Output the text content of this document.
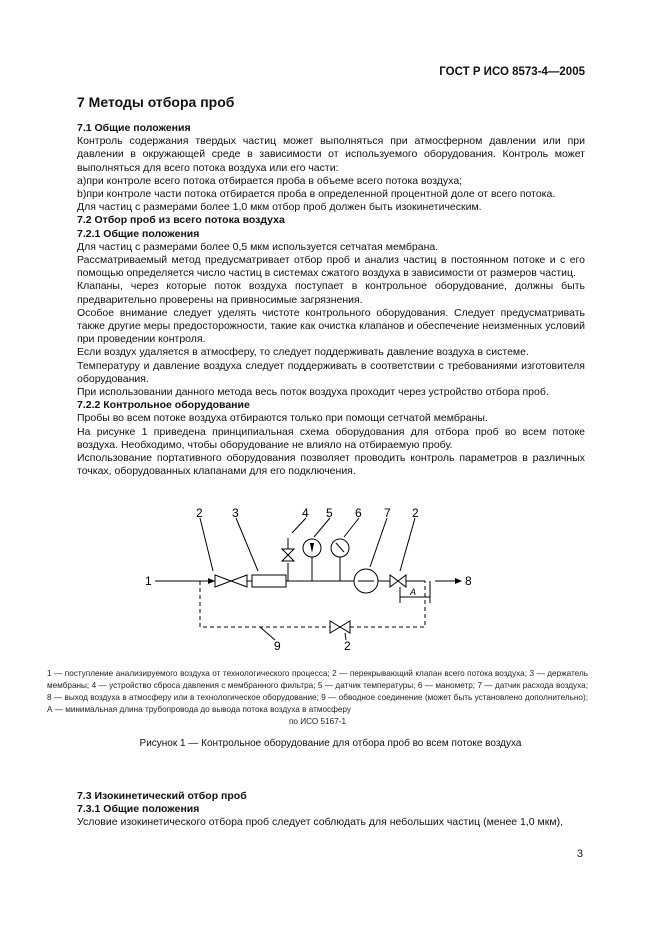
ГОСТ Р ИСО 8573-4—2005
7 Методы отбора проб

7.1 Общие положения

Контроль содержания твердых частиц может выполняться при атмосферном давлении или при давлении в окружающей среде в зависимости от используемого оборудования. Контроль может выполняться для всего потока воздуха или его части:

а)при контроле всего потока отбирается проба в объеме всего потока воздуха;

b)при контроле части потока отбирается проба в определенной процентной доле от всего потока.

Для частиц с размерами более 1,0 мкм отбор проб должен быть изокинетическим.

7.2 Отбор проб из всего потока воздуха

7.2.1 Общие положения

Для частиц с размерами более 0,5 мкм используется сетчатая мембрана.

Рассматриваемый метод предусматривает отбор проб и анализ частиц в постоянном потоке и с его помощью определяется число частиц в системах сжатого воздуха в зависимости от размеров частиц.

Клапаны, через которые поток воздуха поступает в контрольное оборудование, должны быть предварительно проверены на привносимые загрязнения.

Особое внимание следует уделять чистоте контрольного оборудования. Следует предусматривать также другие меры предосторожности, такие как очистка клапанов и обеспечение неизменных условий при проведении контроля.

Если воздух удаляется в атмосферу, то следует поддерживать давление воздуха в системе.

Температуру и давление воздуха следует поддерживать в соответствии с требованиями изготовителя оборудования.

При использовании данного метода весь поток воздуха проходит через устройство отбора проб.

7.2.2 Контрольное оборудование

Пробы во всем потоке воздуха отбираются только при помощи сетчатой мембраны.

На рисунке 1 приведена принципиальная схема оборудования для отбора проб во всем потоке воздуха. Необходимо, чтобы оборудование не влияло на отбираемую пробу.

Использование портативного оборудования позволяет проводить контроль параметров в различных точках, оборудованных клапанами для его подключения.

1
2 3	4 5 6 7 2
8
9	2
A
1 — поступление анализируемого воздуха от технологического процесса; 2 — перекрывающий клапан всего потока воздуха; 3 — держатель мембраны; 4 — устройство сброса давления с мембранного фильтра; 5 — датчик температуры; 6 — манометр; 7 — датчик расхода воздуха; 8 — выход воздуха в атмосферу или в технологическое оборудование; 9 — обводное соединение (может быть установлено дополнительно); А — минимальная длина трубопровода до вывода потока воздуха в атмосферу
по ИСО 5167-1
Рисунок 1 — Контрольное оборудование для отбора проб во всем потоке воздуха

7.3 Изокинетический отбор проб

7.3.1 Общие положения

Условие изокинетического отбора проб следует соблюдать для небольших частиц (менее 1,0 мкм),

3
